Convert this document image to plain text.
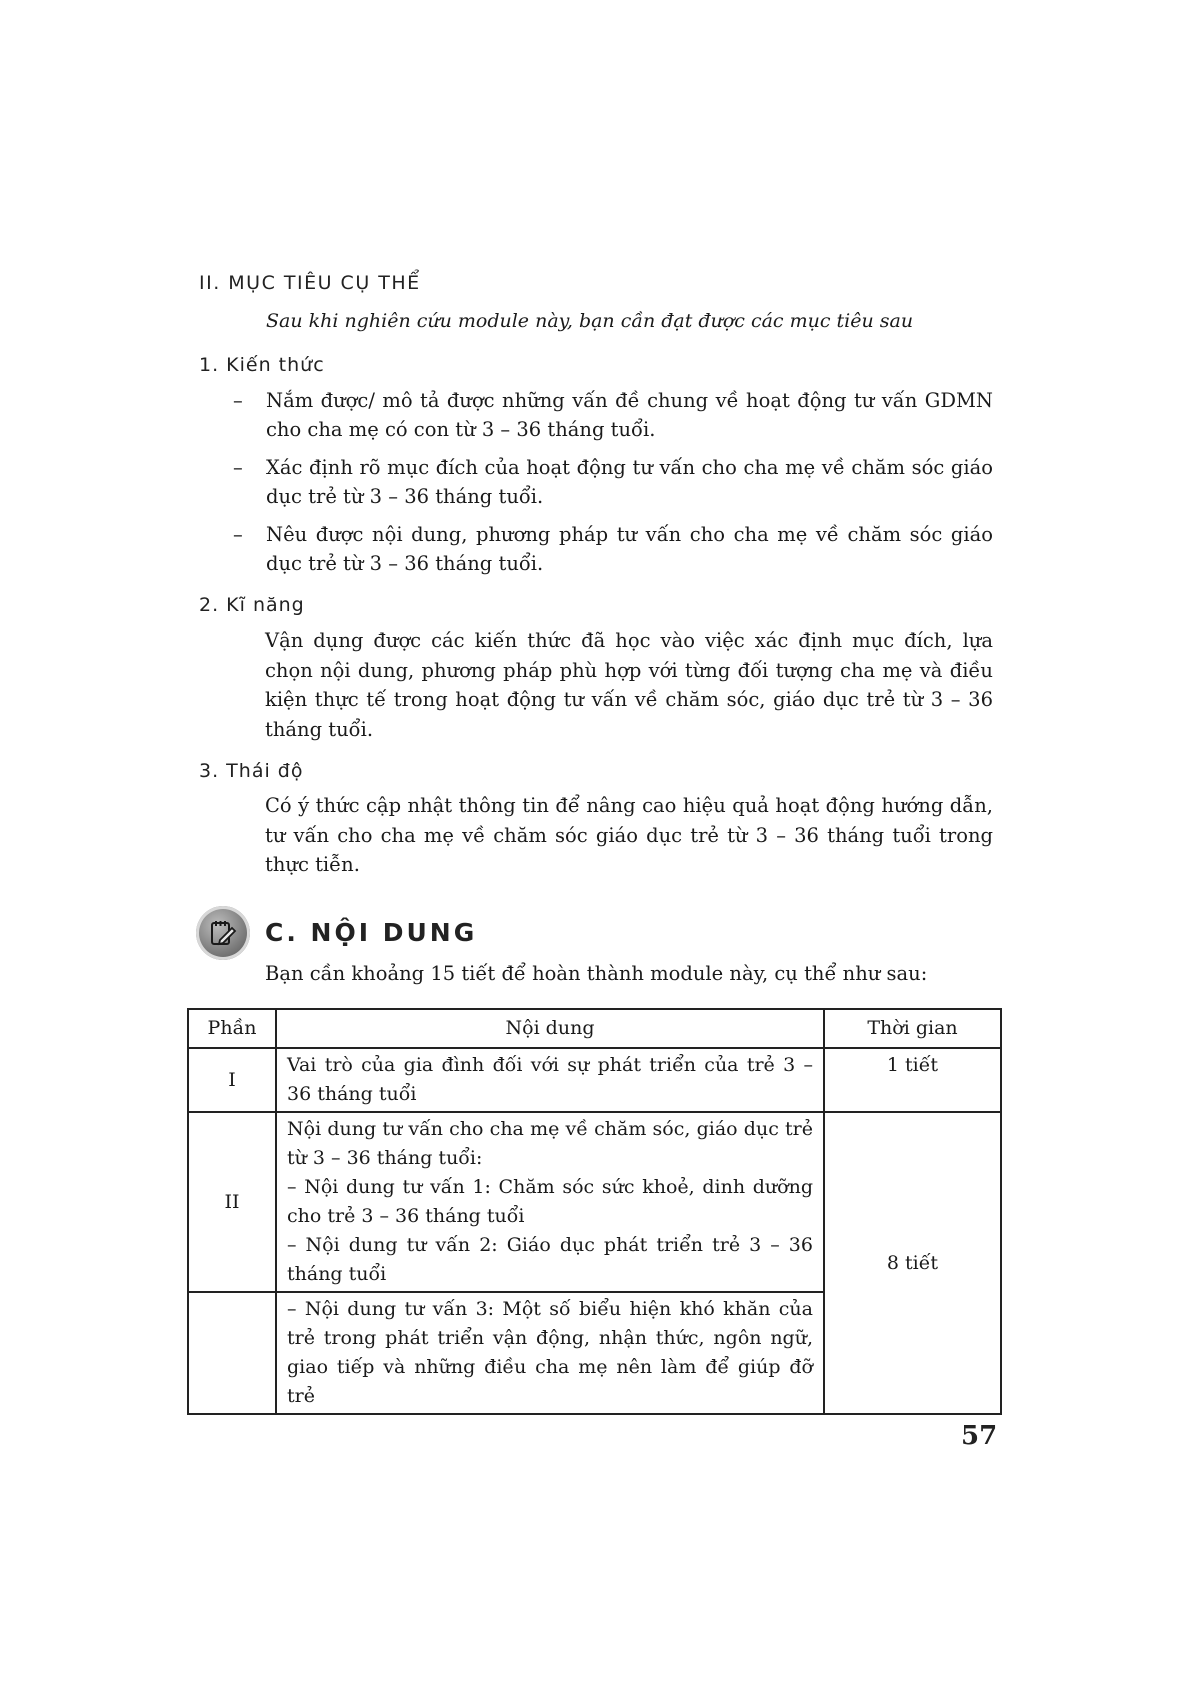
II. MỤC TIÊU CỤ THỂ
Sau khi nghiên cứu module này, bạn cần đạt được các mục tiêu sau
1. Kiến thức
– Nắm được/ mô tả được những vấn đề chung về hoạt động tư vấn GDMN cho cha mẹ có con từ 3 – 36 tháng tuổi.
– Xác định rõ mục đích của hoạt động tư vấn cho cha mẹ về chăm sóc giáo dục trẻ từ 3 – 36 tháng tuổi.
– Nêu được nội dung, phương pháp tư vấn cho cha mẹ về chăm sóc giáo dục trẻ từ 3 – 36 tháng tuổi.
2. Kĩ năng
Vận dụng được các kiến thức đã học vào việc xác định mục đích, lựa chọn nội dung, phương pháp phù hợp với từng đối tượng cha mẹ và điều kiện thực tế trong hoạt động tư vấn về chăm sóc, giáo dục trẻ từ 3 – 36 tháng tuổi.
3. Thái độ
Có ý thức cập nhật thông tin để nâng cao hiệu quả hoạt động hướng dẫn, tư vấn cho cha mẹ về chăm sóc giáo dục trẻ từ 3 – 36 tháng tuổi trong thực tiễn.
C. NỘI DUNG
Bạn cần khoảng 15 tiết để hoàn thành module này, cụ thể như sau:
Phần	Nội dung	Thời gian
I	Vai trò của gia đình đối với sự phát triển của trẻ 3 – 36 tháng tuổi	1 tiết
II	Nội dung tư vấn cho cha mẹ về chăm sóc, giáo dục trẻ từ 3 – 36 tháng tuổi:
– Nội dung tư vấn 1: Chăm sóc sức khoẻ, dinh dưỡng cho trẻ 3 – 36 tháng tuổi
– Nội dung tư vấn 2: Giáo dục phát triển trẻ 3 – 36 tháng tuổi	8 tiết
	– Nội dung tư vấn 3: Một số biểu hiện khó khăn của trẻ trong phát triển vận động, nhận thức, ngôn ngữ, giao tiếp và những điều cha mẹ nên làm để giúp đỡ trẻ	
57
